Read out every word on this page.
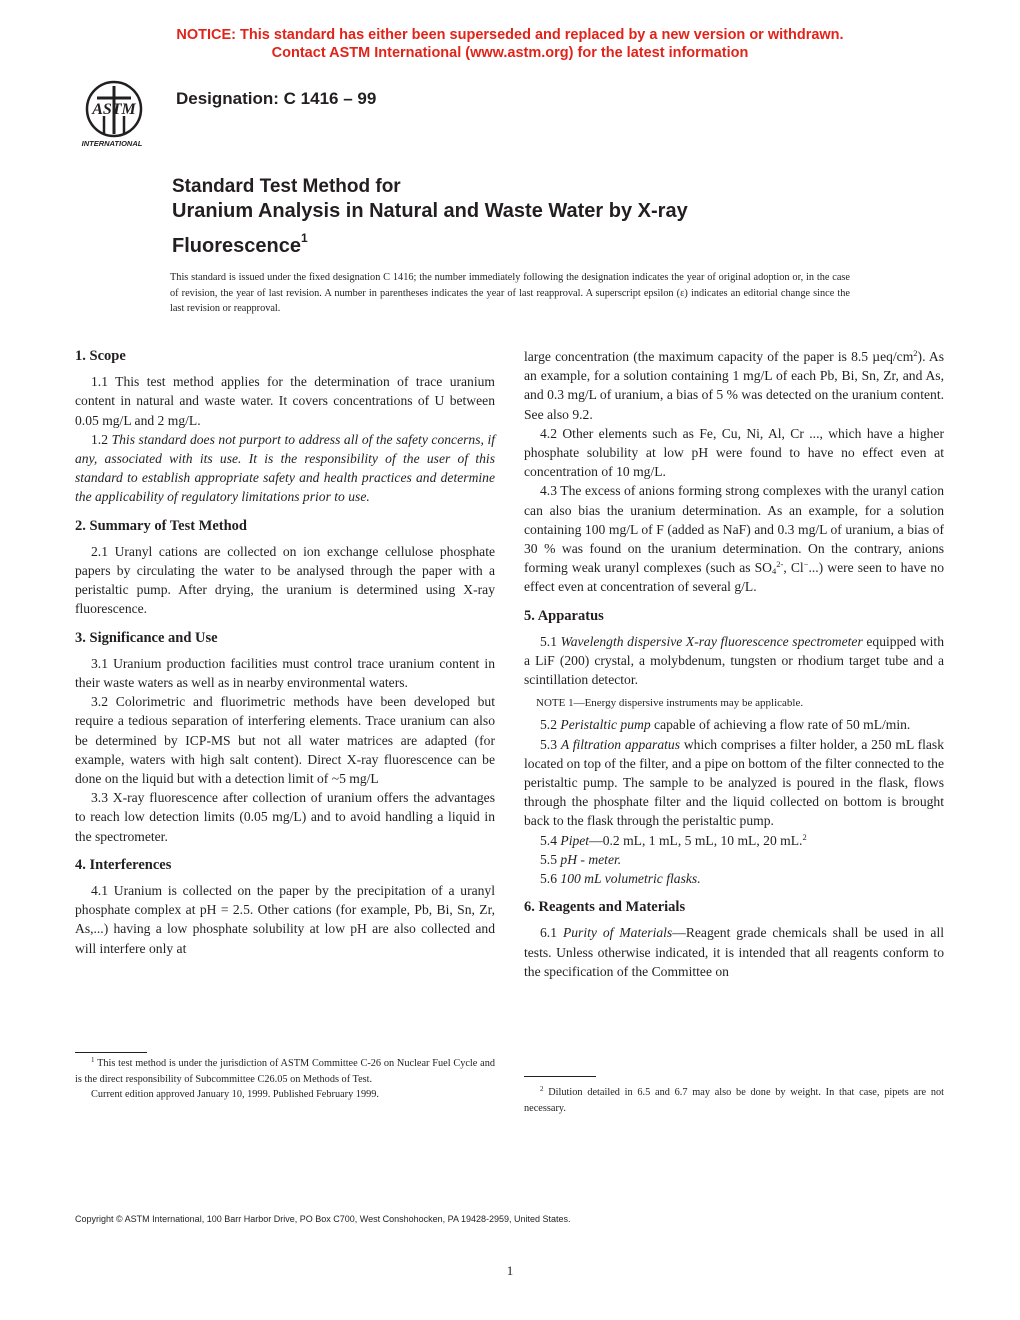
NOTICE: This standard has either been superseded and replaced by a new version or withdrawn.
Contact ASTM International (www.astm.org) for the latest information
ASTM
INTERNATIONAL
Designation: C 1416 – 99
Standard Test Method for
Uranium Analysis in Natural and Waste Water by X-ray
Fluorescence$^1$
This standard is issued under the fixed designation C 1416; the number immediately following the designation indicates the year of original adoption or, in the case of revision, the year of last revision. A number in parentheses indicates the year of last reapproval. A superscript epsilon (ε) indicates an editorial change since the last revision or reapproval.
1. Scope

1.1 This test method applies for the determination of trace uranium content in natural and waste water. It covers concentrations of U between 0.05 mg/L and 2 mg/L.

1.2 This standard does not purport to address all of the safety concerns, if any, associated with its use. It is the responsibility of the user of this standard to establish appropriate safety and health practices and determine the applicability of regulatory limitations prior to use.

2. Summary of Test Method

2.1 Uranyl cations are collected on ion exchange cellulose phosphate papers by circulating the water to be analysed through the paper with a peristaltic pump. After drying, the uranium is determined using X-ray fluorescence.

3. Significance and Use

3.1 Uranium production facilities must control trace uranium content in their waste waters as well as in nearby environmental waters.

3.2 Colorimetric and fluorimetric methods have been developed but require a tedious separation of interfering elements. Trace uranium can also be determined by ICP-MS but not all water matrices are adapted (for example, waters with high salt content). Direct X-ray fluorescence can be done on the liquid but with a detection limit of ~5 mg/L

3.3 X-ray fluorescence after collection of uranium offers the advantages to reach low detection limits (0.05 mg/L) and to avoid handling a liquid in the spectrometer.

4. Interferences

4.1 Uranium is collected on the paper by the precipitation of a uranyl phosphate complex at pH = 2.5. Other cations (for example, Pb, Bi, Sn, Zr, As,...) having a low phosphate solubility at low pH are also collected and will interfere only at

large concentration (the maximum capacity of the paper is 8.5 µeq/$cm^2$). As an example, for a solution containing 1 mg/L of each Pb, Bi, Sn, Zr, and As, and 0.3 mg/L of uranium, a bias of 5 % was detected on the uranium content. See also 9.2.

4.2 Other elements such as Fe, Cu, Ni, Al, Cr ..., which have a higher phosphate solubility at low pH were found to have no effect even at concentration of 10 mg/L.

4.3 The excess of anions forming strong complexes with the uranyl cation can also bias the uranium determination. As an example, for a solution containing 100 mg/L of F (added as NaF) and 0.3 mg/L of uranium, a bias of 30 % was found on the uranium determination. On the contrary, anions forming weak uranyl complexes (such as $SO_4^{2-}$, Cl−...) were seen to have no effect even at concentration of several g/L.

5. Apparatus

5.1 Wavelength dispersive X-ray fluorescence spectrometer equipped with a LiF (200) crystal, a molybdenum, tungsten or rhodium target tube and a scintillation detector.

NOTE 1—Energy dispersive instruments may be applicable.

5.2 Peristaltic pump capable of achieving a flow rate of 50 mL/min.

5.3 A filtration apparatus which comprises a filter holder, a 250 mL flask located on top of the filter, and a pipe on bottom of the filter connected to the peristaltic pump. The sample to be analyzed is poured in the flask, flows through the phosphate filter and the liquid collected on bottom is brought back to the flask through the peristaltic pump.

5.4 Pipet—0.2 mL, 1 mL, 5 mL, 10 mL, 20 mL.$^2$

5.5 pH - meter.

5.6 100 mL volumetric flasks.

6. Reagents and Materials

6.1 Purity of Materials—Reagent grade chemicals shall be used in all tests. Unless otherwise indicated, it is intended that all reagents conform to the specification of the Committee on

$^1$ This test method is under the jurisdiction of ASTM Committee C-26 on Nuclear Fuel Cycle and is the direct responsibility of Subcommittee C26.05 on Methods of Test.

Current edition approved January 10, 1999. Published February 1999.	$^2$ Dilution detailed in 6.5 and 6.7 may also be done by weight. In that case, pipets are not necessary.

Copyright © ASTM International, 100 Barr Harbor Drive, PO Box C700, West Conshohocken, PA 19428-2959, United States.
1
